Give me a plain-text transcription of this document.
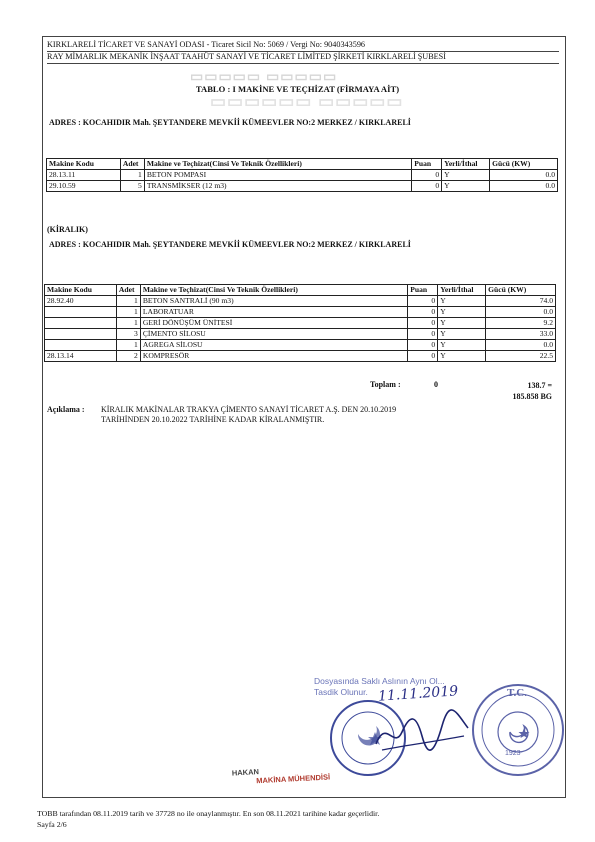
▭▭▭▭▭ ▭▭▭▭▭
▭▭▭▭▭▭ ▭▭▭▭▭
KIRKLARELİ TİCARET VE SANAYİ ODASI - Ticaret Sicil No: 5069 / Vergi No: 9040343596
RAY MİMARLIK MEKANİK İNŞAAT TAAHÜT SANAYİ VE TİCARET LİMİTED ŞİRKETİ KIRKLARELİ ŞUBESİ
TABLO : I MAKİNE VE TEÇHİZAT (FİRMAYA AİT)
ADRES : KOCAHIDIR Mah. ŞEYTANDERE MEVKİİ KÜMEEVLER NO:2 MERKEZ / KIRKLARELİ
Makine Kodu	Adet	Makine ve Teçhizat(Cinsi Ve Teknik Özellikleri)	Puan	Yerli/İthal	Gücü (KW)
28.13.11	1	BETON POMPASI	0	Y	0.0
29.10.59	5	TRANSMİKSER (12 m3)	0	Y	0.0
(KİRALIK)
ADRES : KOCAHIDIR Mah. ŞEYTANDERE MEVKİİ KÜMEEVLER NO:2 MERKEZ / KIRKLARELİ
Makine Kodu	Adet	Makine ve Teçhizat(Cinsi Ve Teknik Özellikleri)	Puan	Yerli/İthal	Gücü (KW)
28.92.40	1	BETON SANTRALİ (90 m3)	0	Y	74.0
	1	LABORATUAR	0	Y	0.0
	1	GERİ DÖNÜŞÜM ÜNİTESİ	0	Y	9.2
	3	ÇİMENTO SİLOSU	0	Y	33.0
	1	AGREGA SİLOSU	0	Y	0.0
28.13.14	2	KOMPRESÖR	0	Y	22.5
Toplam :	0	138.7 =
185.858 BG
Açıklama : KİRALIK MAKİNALAR TRAKYA ÇİMENTO SANAYİ TİCARET A.Ş. DEN 20.10.2019
TARİHİNDEN 20.10.2022 TARİHİNE KADAR KİRALANMIŞTIR.
Dosyasında Saklı Aslının Aynı Ol...
Tasdik Olunur. 11.11.2019	T.C.
1923
HAKAN
MAKİNA MÜHENDİSİ
TOBB tarafından 08.11.2019 tarih ve 37728 no ile onaylanmıştır. En son 08.11.2021 tarihine kadar geçerlidir.
Sayfa 2/6
